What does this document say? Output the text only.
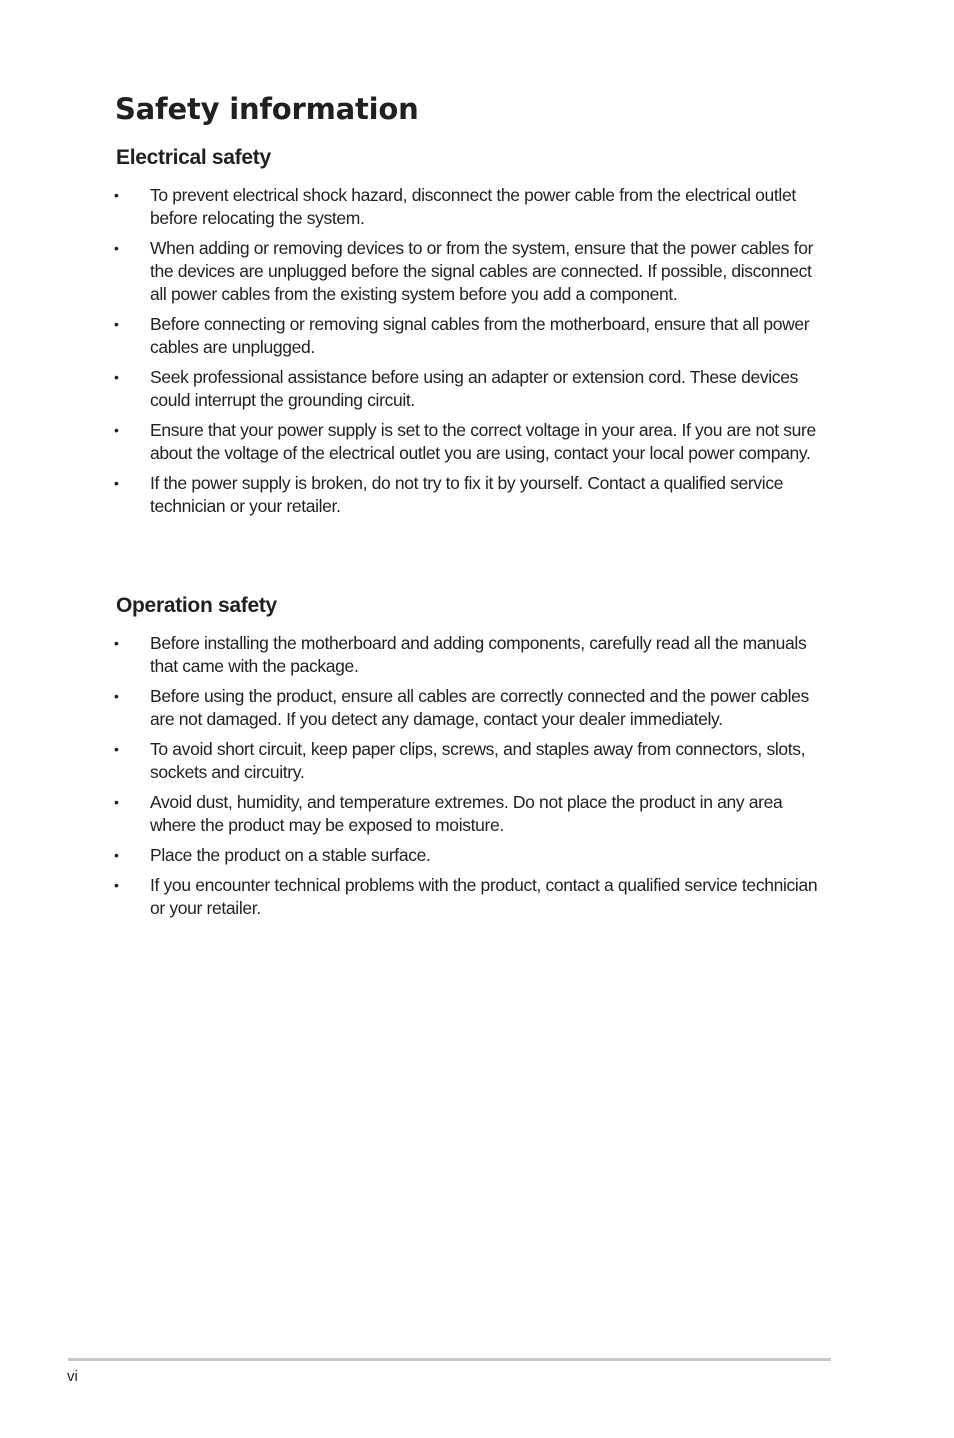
Safety information
Electrical safety
• To prevent electrical shock hazard, disconnect the power cable from the electrical outlet before relocating the system.
• When adding or removing devices to or from the system, ensure that the power cables for the devices are unplugged before the signal cables are connected. If possible, disconnect all power cables from the existing system before you add a component.
• Before connecting or removing signal cables from the motherboard, ensure that all power cables are unplugged.
• Seek professional assistance before using an adapter or extension cord. These devices could interrupt the grounding circuit.
• Ensure that your power supply is set to the correct voltage in your area. If you are not sure about the voltage of the electrical outlet you are using, contact your local power company.
• If the power supply is broken, do not try to fix it by yourself. Contact a qualified service technician or your retailer.
Operation safety
• Before installing the motherboard and adding components, carefully read all the manuals that came with the package.
• Before using the product, ensure all cables are correctly connected and the power cables are not damaged. If you detect any damage, contact your dealer immediately.
• To avoid short circuit, keep paper clips, screws, and staples away from connectors, slots, sockets and circuitry.
• Avoid dust, humidity, and temperature extremes. Do not place the product in any area where the product may be exposed to moisture.
• Place the product on a stable surface.
• If you encounter technical problems with the product, contact a qualified service technician or your retailer.
vi
